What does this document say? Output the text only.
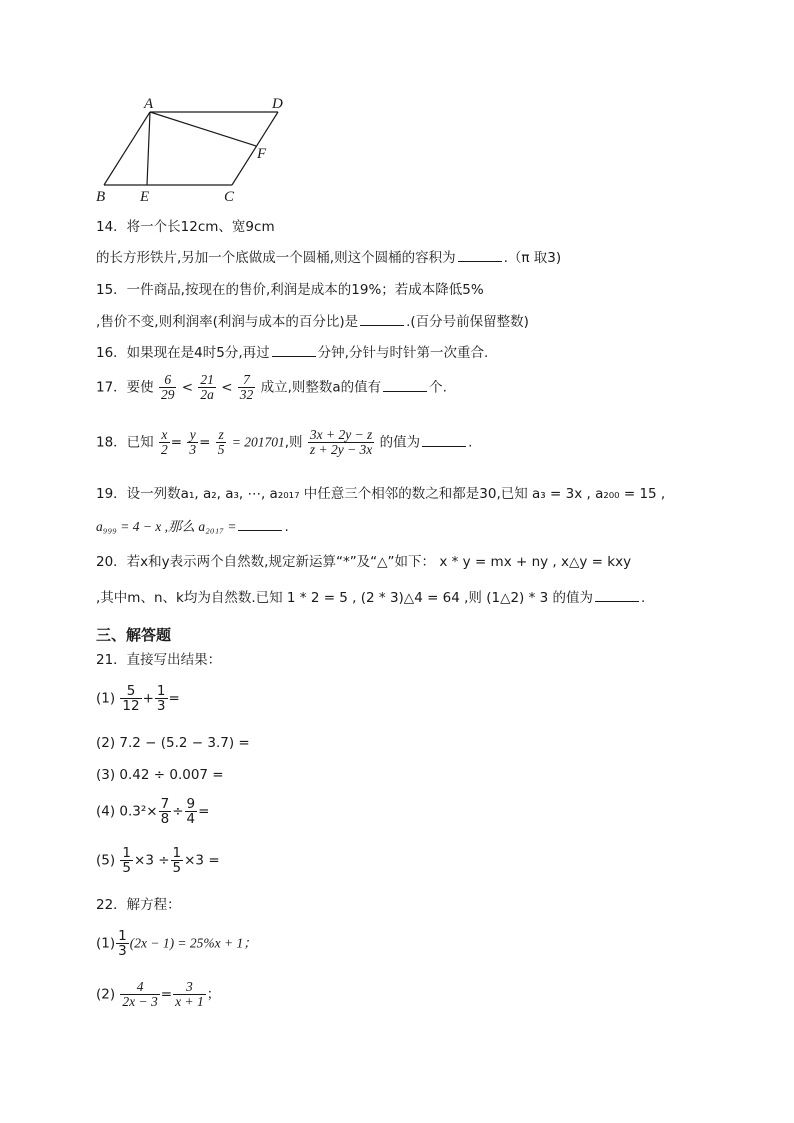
A	D
F
B E	C
14．将一个长12cm、宽9cm
的长方形铁片,另加一个底做成一个圆桶,则这个圆桶的容积为	.（π 取3)
15．一件商品,按现在的售价,利润是成本的19%；若成本降低5%
,售价不变,则利润率(利润与成本的百分比)是	.(百分号前保留整数)
16．如果现在是4时5分,再过	分钟,分针与时针第一次重合.
17．要使 $\frac{6}{29} < \frac{21}{2a} < \frac{7}{32}$ 成立,则整数a的值有	个.
18．已知 $\frac{x}{2} = \frac{y}{3} = \frac{z}{5} = 201701$,则 $\frac{3x + 2y - z}{z + 2y - 3x}$ 的值为	.
19．设一列数a₁, a₂, a₃, ⋯, a₂₀₁₇ 中任意三个相邻的数之和都是30,已知 a₃ = 3x , a₂₀₀ = 15 ,
a₉₉₉ = 4 − x ,那么 a₂₀₁₇ =	.
20．若x和y表示两个自然数,规定新运算“*”及“△”如下： x * y = mx + ny , x△y = kxy
,其中m、n、k均为自然数.已知 1 * 2 = 5 , (2 * 3)△4 = 64 ,则 (1△2) * 3 的值为	.
三、解答题
21．直接写出结果：
$(1) \frac{5}{12} + \frac{1}{3}$ =
(2) 7.2 − (5.2 − 3.7) =
(3) 0.42 ÷ 0.007 =
(4) $0.3^2\times \frac{7}{8} \div \frac{9}{4}$ =
$(5) \frac{1}{5} \times 3 \div \frac{1}{5} \times 3$ =
22．解方程：
$(1) \frac{1}{3} (2x - 1) = 25\%x + 1$；
$(2) \frac{4}{2x - 3} = \frac{3}{x + 1}$ ；
